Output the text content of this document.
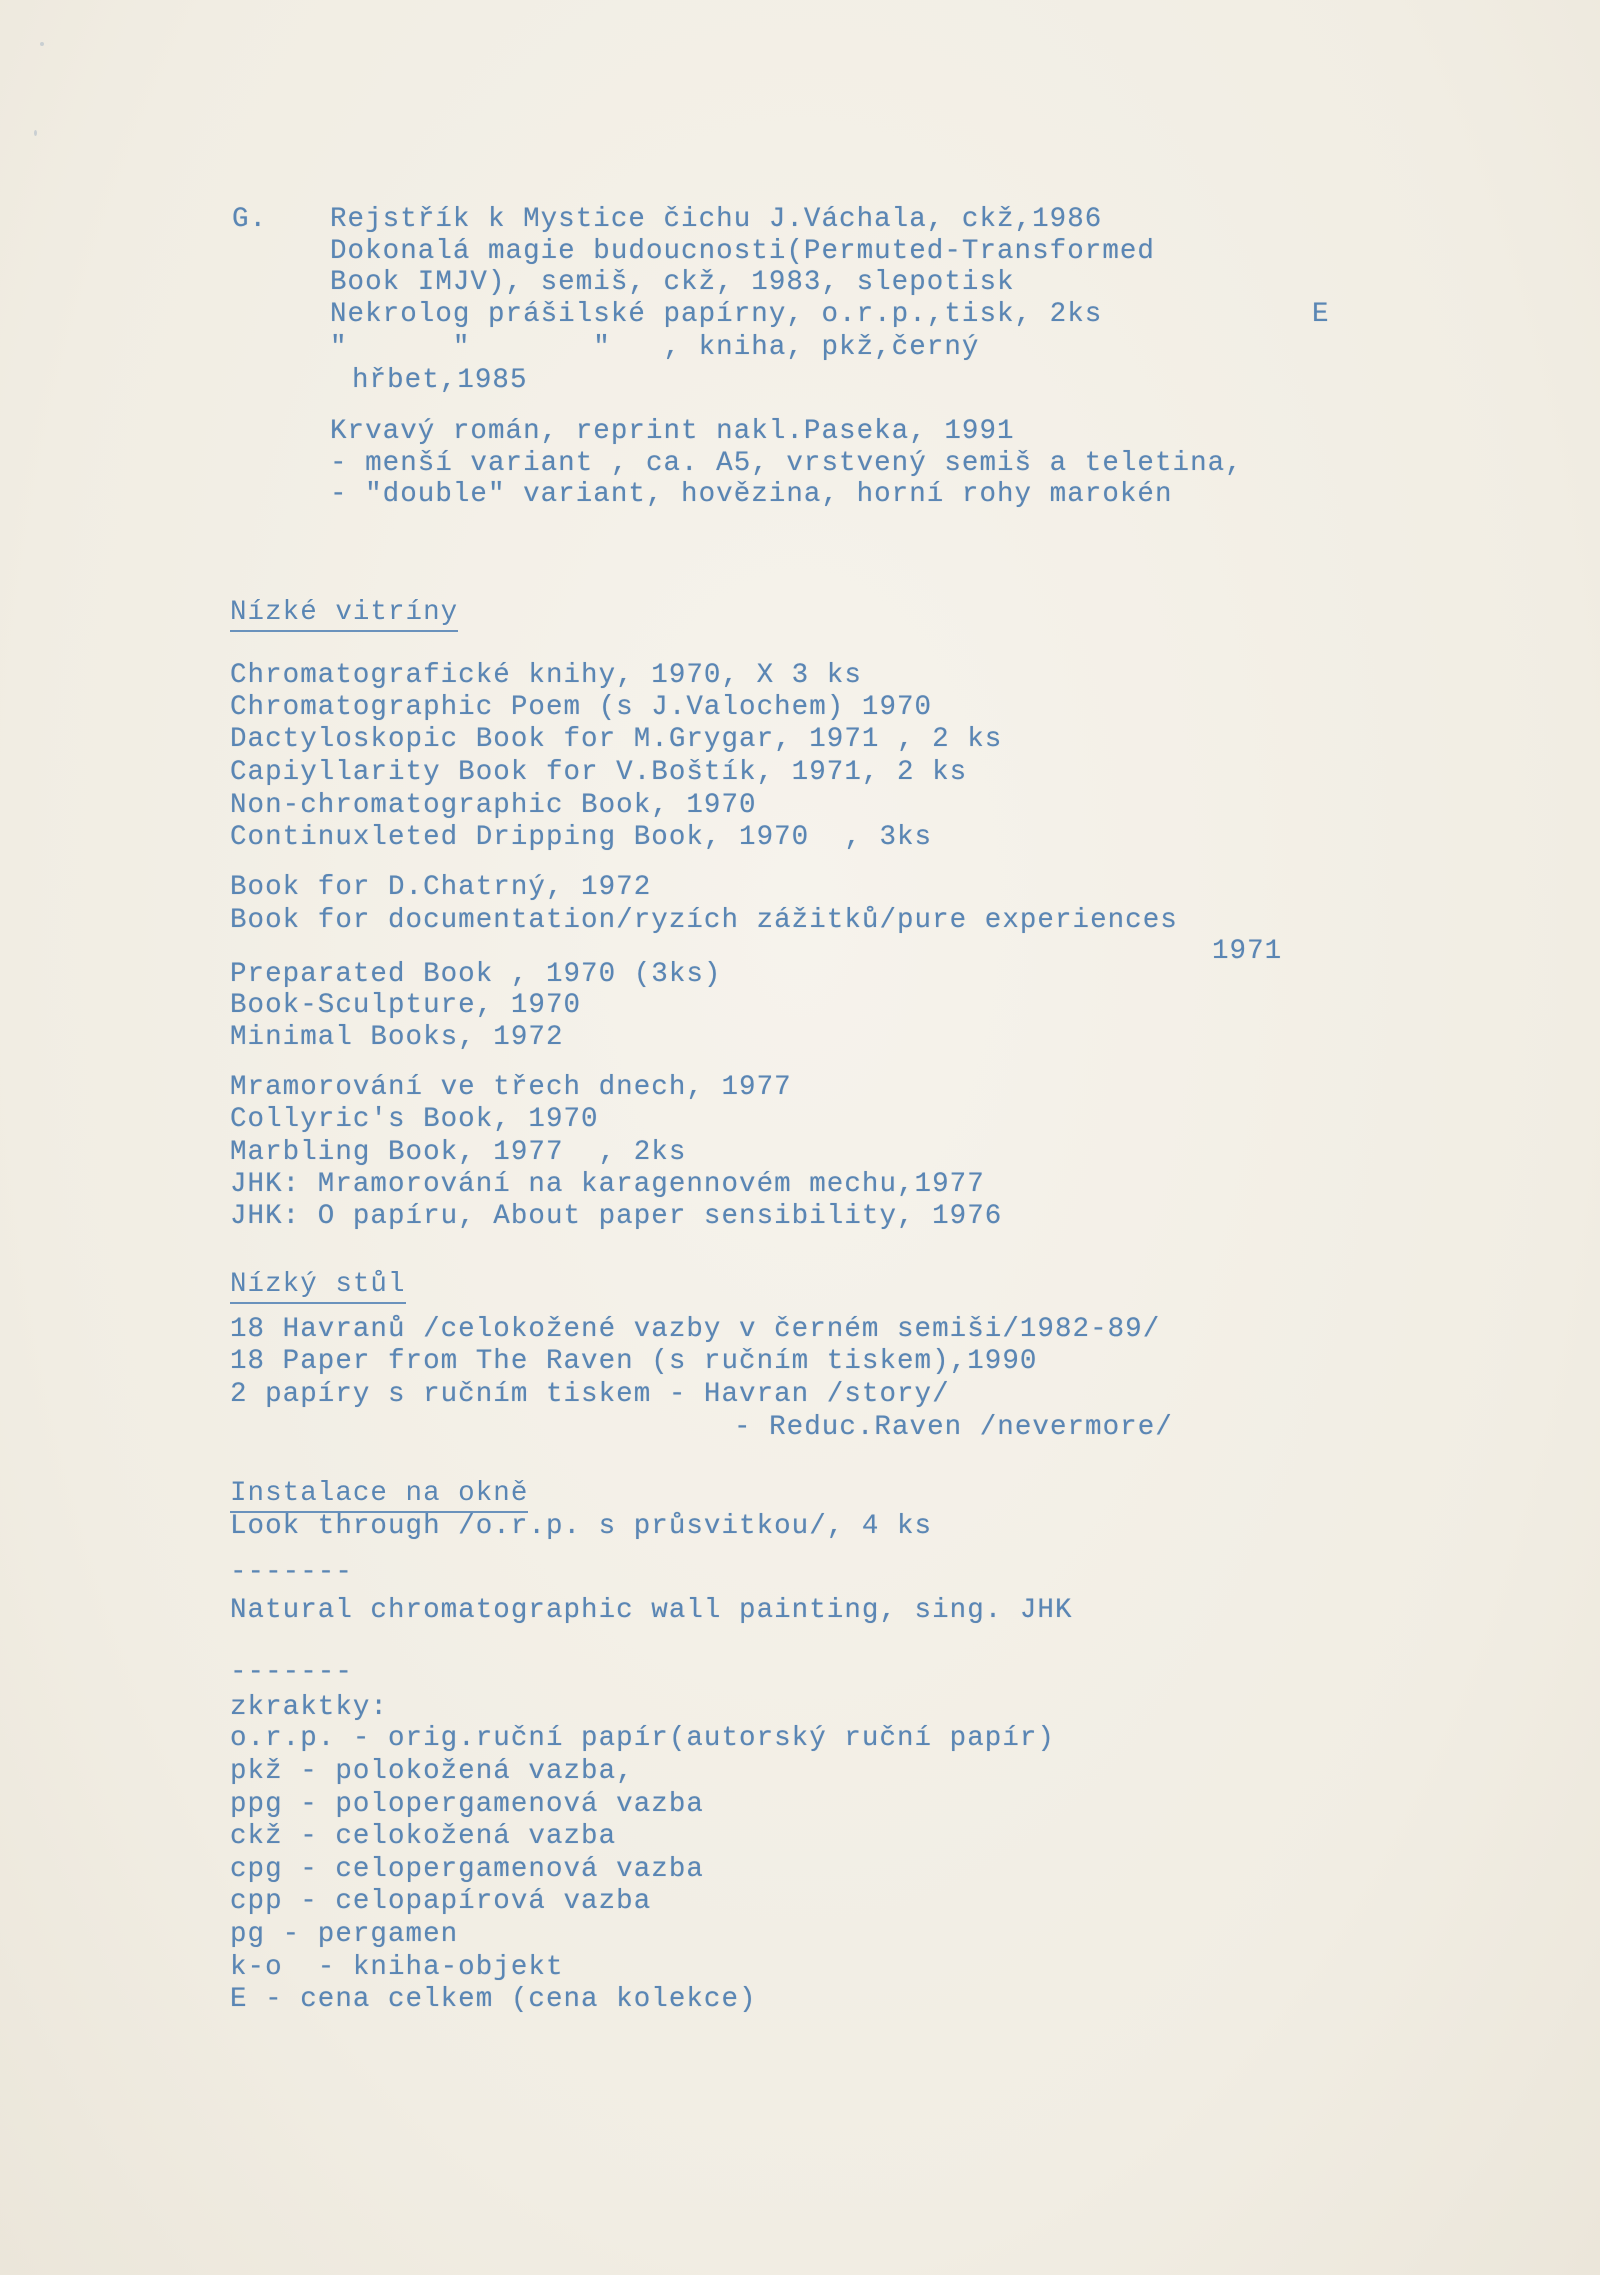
G. Rejstřík k Mystice čichu J.Váchala, ckž,1986
Dokonalá magie budoucnosti(Permuted-Transformed
Book IMJV), semiš, ckž, 1983, slepotisk
Nekrolog prášilské papírny, o.r.p.,tisk, 2ks	E
"      "       "   , kniha, pkž,černý
hřbet,1985
Krvavý román, reprint nakl.Paseka, 1991
- menší variant , ca. A5, vrstvený semiš a teletina,
- "double" variant, hovězina, horní rohy marokén
Nízké vitríny
Chromatografické knihy, 1970, X 3 ks
Chromatographic Poem (s J.Valochem) 1970
Dactyloskopic Book for M.Grygar, 1971 , 2 ks
Capiyllarity Book for V.Boštík, 1971, 2 ks
Non-chromatographic Book, 1970
Continuxleted Dripping Book, 1970  , 3ks
Book for D.Chatrný, 1972
Book for documentation/ryzích zážitků/pure experiences
1971
Preparated Book , 1970 (3ks)
Book-Sculpture, 1970
Minimal Books, 1972
Mramorování ve třech dnech, 1977
Collyric's Book, 1970
Marbling Book, 1977  , 2ks
JHK: Mramorování na karagennovém mechu,1977
JHK: O papíru, About paper sensibility, 1976
Nízký stůl
18 Havranů /celokožené vazby v černém semiši/1982-89/
18 Paper from The Raven (s ručním tiskem),1990
2 papíry s ručním tiskem - Havran /story/
- Reduc.Raven /nevermore/
Instalace na okně
Look through /o.r.p. s průsvitkou/, 4 ks
-------
Natural chromatographic wall painting, sing. JHK
-------
zkraktky:
o.r.p. - orig.ruční papír(autorský ruční papír)
pkž - polokožená vazba,
ppg - polopergamenová vazba
ckž - celokožená vazba
cpg - celopergamenová vazba
cpp - celopapírová vazba
pg - pergamen
k-o  - kniha-objekt
E - cena celkem (cena kolekce)
